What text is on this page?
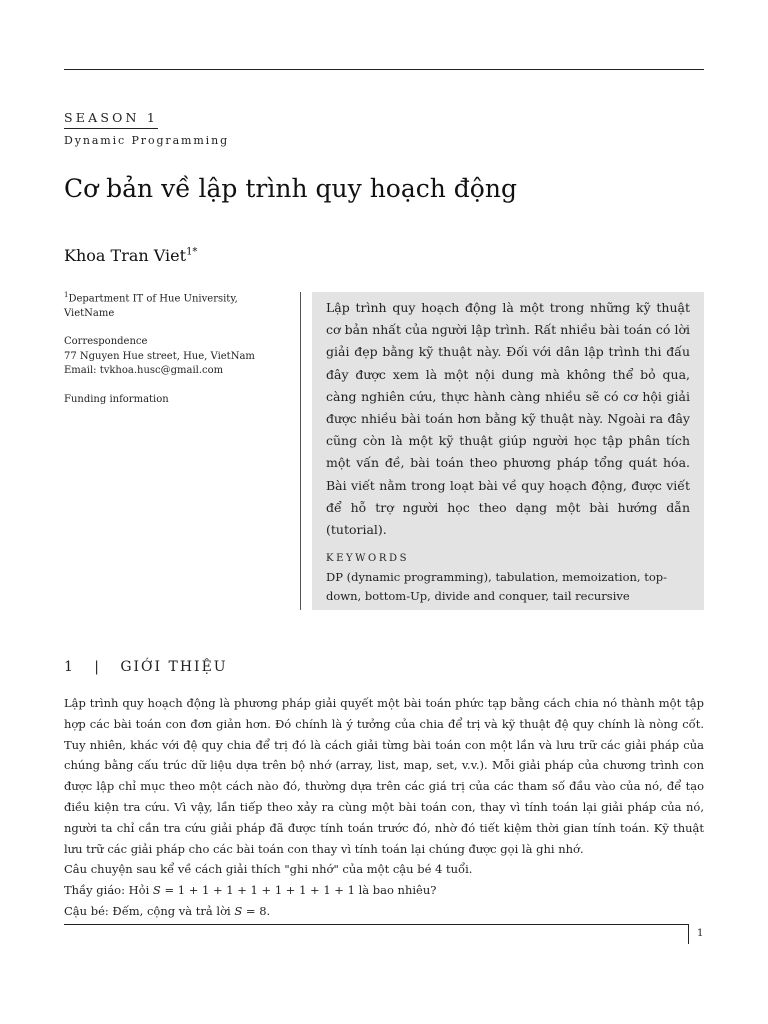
SEASON 1
Dynamic Programming
Cơ bản về lập trình quy hoạch động
Khoa Tran Viet$^{1*}$

$^1$Department IT of Hue University, VietName

Correspondence
77 Nguyen Hue street, Hue, VietNam
Email: tvkhoa.husc@gmail.com

Funding information

Lập trình quy hoạch động là một trong những kỹ thuật cơ bản nhất của người lập trình. Rất nhiều bài toán có lời giải đẹp bằng kỹ thuật này. Đối với dân lập trình thi đấu đây được xem là một nội dung mà không thể bỏ qua, càng nghiên cứu, thực hành càng nhiều sẽ có cơ hội giải được nhiều bài toán hơn bằng kỹ thuật này. Ngoài ra đây cũng còn là một kỹ thuật giúp người học tập phân tích một vấn đề, bài toán theo phương pháp tổng quát hóa. Bài viết nằm trong loạt bài về quy hoạch động, được viết để hỗ trợ người học theo dạng một bài hướng dẫn (tutorial).

KEYWORDS
DP (dynamic programming), tabulation, memoization, top-down, bottom-Up, divide and conquer, tail recursive
1   |   GIỚI THIỆU

Lập trình quy hoạch động là phương pháp giải quyết một bài toán phức tạp bằng cách chia nó thành một tập hợp các bài toán con đơn giản hơn. Đó chính là ý tưởng của chia để trị và kỹ thuật đệ quy chính là nòng cốt. Tuy nhiên, khác với đệ quy chia để trị đó là cách giải từng bài toán con một lần và lưu trữ các giải pháp của chúng bằng cấu trúc dữ liệu dựa trên bộ nhớ (array, list, map, set, v.v.). Mỗi giải pháp của chương trình con được lập chỉ mục theo một cách nào đó, thường dựa trên các giá trị của các tham số đầu vào của nó, để tạo điều kiện tra cứu. Vì vậy, lần tiếp theo xảy ra cùng một bài toán con, thay vì tính toán lại giải pháp của nó, người ta chỉ cần tra cứu giải pháp đã được tính toán trước đó, nhờ đó tiết kiệm thời gian tính toán. Kỹ thuật lưu trữ các giải pháp cho các bài toán con thay vì tính toán lại chúng được gọi là ghi nhớ.

Câu chuyện sau kể về cách giải thích "ghi nhớ" của một cậu bé 4 tuổi.

Thầy giáo: Hỏi S = 1 + 1 + 1 + 1 + 1 + 1 + 1 + 1 là bao nhiêu?

Cậu bé: Đếm, cộng và trả lời S = 8.

1
